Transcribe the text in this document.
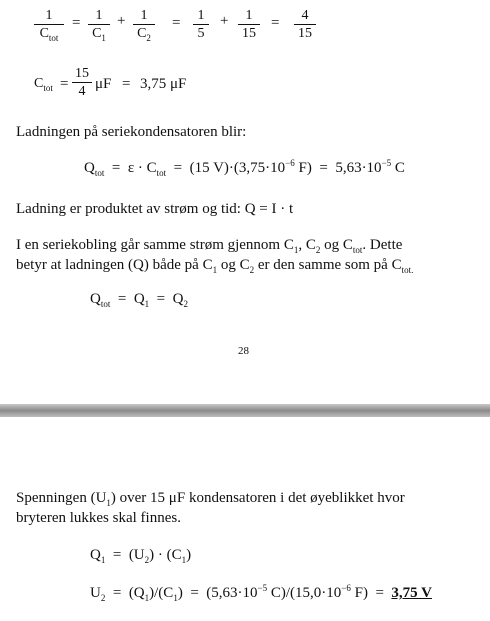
1
$C_{tot}$
=	1
$C_1$
+	1
$C_2$
=	1
5
+	1
15
=	4
15
$C_{tot}$ =
15
4 μF = 3,75 μF
Ladningen på seriekondensatoren blir:
$Q_{tot} = \varepsilon \cdot C_{tot} = (15$ $V)\cdot(3,75\cdot 10^{-6}$ $F) = 5,63\cdot 10^{-5}$ C
Ladning er produktet av strøm og tid: Q = I · t
I en seriekobling går samme strøm gjennom $C_1$, $C_2$ og $C_{tot}$. Dette
betyr at ladningen (Q) både på $C_1$ og $C_2$ er den samme som på $C_{tot.}$
$Q_{tot} = Q_1 = Q_2$
28
Spenningen $(U_1)$ over 15 μF kondensatoren i det øyeblikket hvor
bryteren lukkes skal finnes.
$Q_1 = (U_2) \cdot (C_1)$
$U_2 = (Q_1)/(C_1) = (5,63\cdot 10^{-5}$ $C)/(15,0\cdot 10^{-6}$ F) = 3,75 V
